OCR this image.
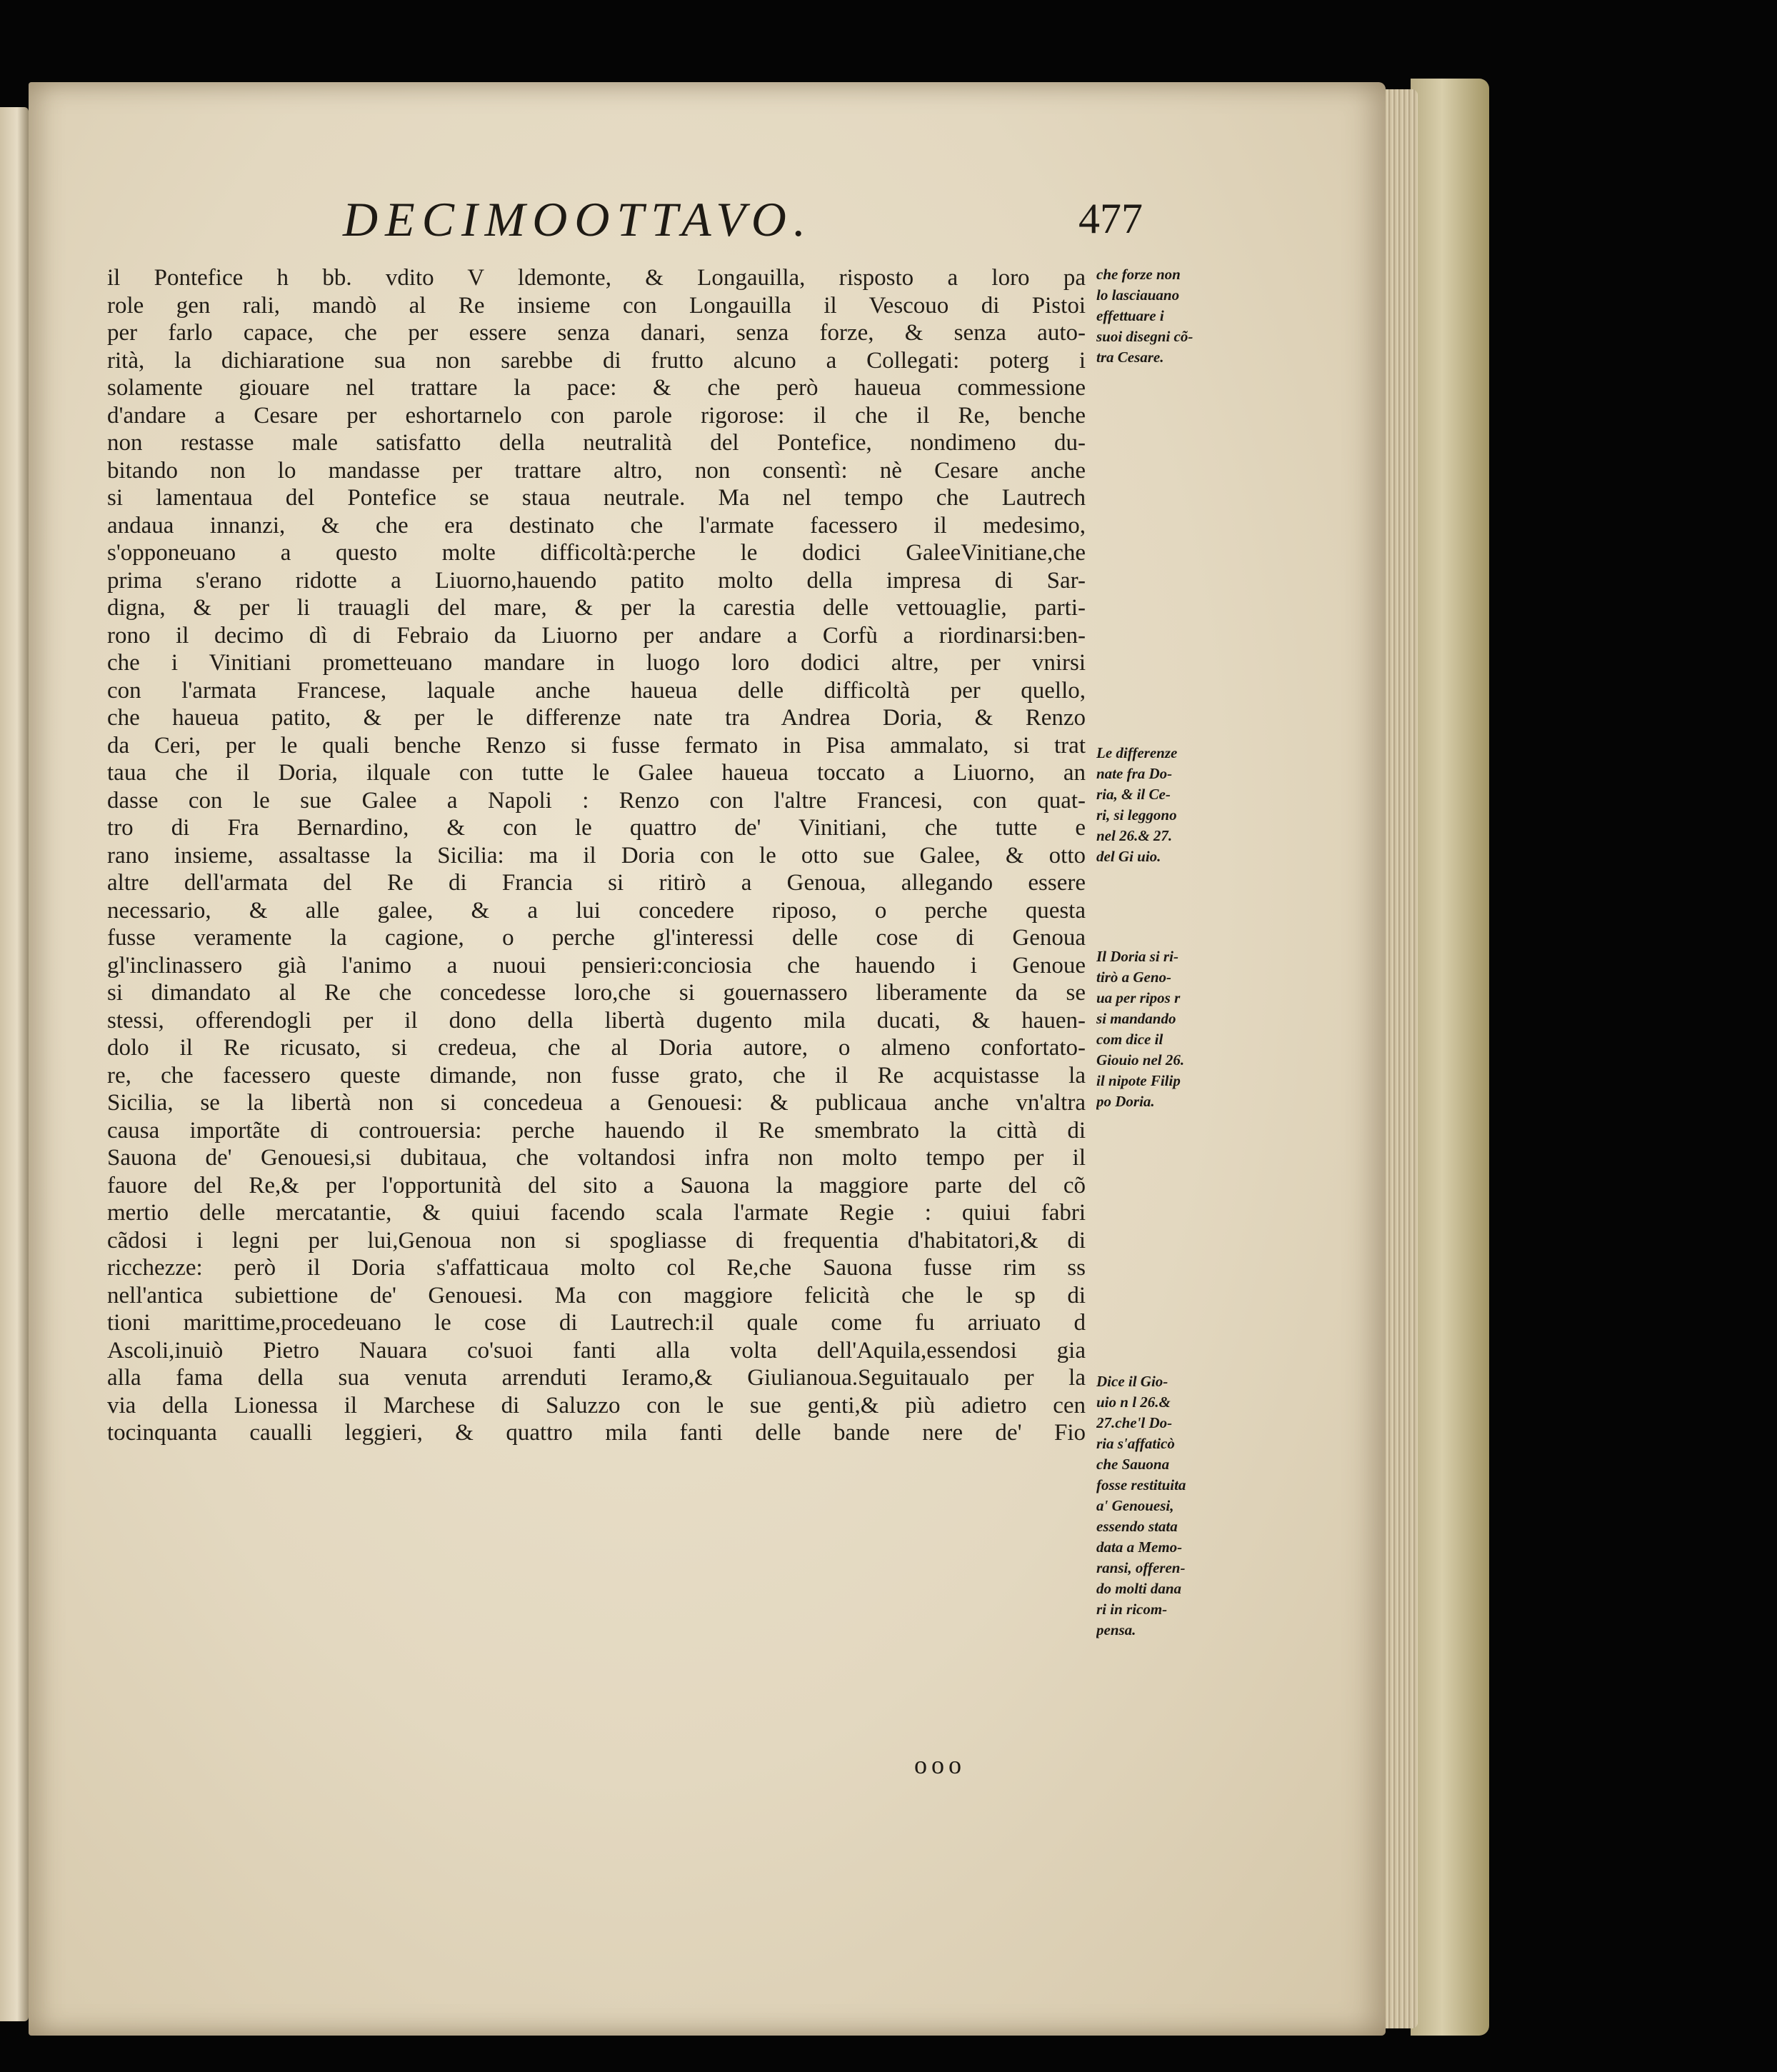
DECIMOOTTAVO.	477
il Pontefice h bb. vdito V ldemonte, & Longauilla, risposto a loro pa
role gen rali, mandò al Re insieme con Longauilla il Vescouo di Pistoi
per farlo capace, che per essere senza danari, senza forze, & senza auto-
rità, la dichiaratione sua non sarebbe di frutto alcuno a Collegati: poterg i
solamente giouare nel trattare la pace: & che però haueua commessione
d'andare a Cesare per eshortarnelo con parole rigorose: il che il Re, benche
non restasse male satisfatto della neutralità del Pontefice, nondimeno du-
bitando non lo mandasse per trattare altro, non consentì: nè Cesare anche
si lamentaua del Pontefice se staua neutrale. Ma nel tempo che Lautrech
andaua innanzi, & che era destinato che l'armate facessero il medesimo,
s'opponeuano a questo molte difficoltà:perche le dodici GaleeVinitiane,che
prima s'erano ridotte a Liuorno,hauendo patito molto della impresa di Sar-
digna, & per li trauagli del mare, & per la carestia delle vettouaglie, parti-
rono il decimo dì di Febraio da Liuorno per andare a Corfù a riordinarsi:ben-
che i Vinitiani prometteuano mandare in luogo loro dodici altre, per vnirsi
con l'armata Francese, laquale anche haueua delle difficoltà per quello,
che haueua patito, & per le differenze nate tra Andrea Doria, & Renzo
da Ceri, per le quali benche Renzo si fusse fermato in Pisa ammalato, si trat
taua che il Doria, ilquale con tutte le Galee haueua toccato a Liuorno, an
dasse con le sue Galee a Napoli : Renzo con l'altre Francesi, con quat-
tro di Fra Bernardino, & con le quattro de' Vinitiani, che tutte e
rano insieme, assaltasse la Sicilia: ma il Doria con le otto sue Galee, & otto
altre dell'armata del Re di Francia si ritirò a Genoua, allegando essere
necessario, & alle galee, & a lui concedere riposo, o perche questa
fusse veramente la cagione, o perche gl'interessi delle cose di Genoua
gl'inclinassero già l'animo a nuoui pensieri:conciosia che hauendo i Genoue
si dimandato al Re che concedesse loro,che si gouernassero liberamente da se
stessi, offerendogli per il dono della libertà dugento mila ducati, & hauen-
dolo il Re ricusato, si credeua, che al Doria autore, o almeno confortato-
re, che facessero queste dimande, non fusse grato, che il Re acquistasse la
Sicilia, se la libertà non si concedeua a Genouesi: & publicaua anche vn'altra
causa importãte di controuersia: perche hauendo il Re smembrato la città di
Sauona de' Genouesi,si dubitaua, che voltandosi infra non molto tempo per il
fauore del Re,& per l'opportunità del sito a Sauona la maggiore parte del cõ
mertio delle mercatantie, & quiui facendo scala l'armate Regie : quiui fabri
cãdosi i legni per lui,Genoua non si spogliasse di frequentia d'habitatori,& di
ricchezze: però il Doria s'affatticaua molto col Re,che Sauona fusse rim ss
nell'antica subiettione de' Genouesi. Ma con maggiore felicità che le sp di
tioni marittime,procedeuano le cose di Lautrech:il quale come fu arriuato d
Ascoli,inuiò Pietro Nauara co'suoi fanti alla volta dell'Aquila,essendosi gia
alla fama della sua venuta arrenduti Ieramo,& Giulianoua.Seguitaualo per la
via della Lionessa il Marchese di Saluzzo con le sue genti,& più adietro cen
tocinquanta caualli leggieri, & quattro mila fanti delle bande nere de' Fio
che forze non
lo lasciauano
effettuare i
suoi disegni cõ-
tra Cesare.
Le differenze
nate fra Do-
ria, & il Ce-
ri, si leggono
nel 26.& 27.
del Gi uio.
Il Doria si ri-
tirò a Geno-
ua per ripos r
si mandando
com dice il
Giouio nel 26.
il nipote Filip
po Doria.
Dice il Gio-
uio n l 26.&
27.che'l Do-
ria s'affaticò
che Sauona
fosse restituita
a' Genouesi,
essendo stata
data a Memo-
ransi, offeren-
do molti dana
ri in ricom-
pensa.
ooo
